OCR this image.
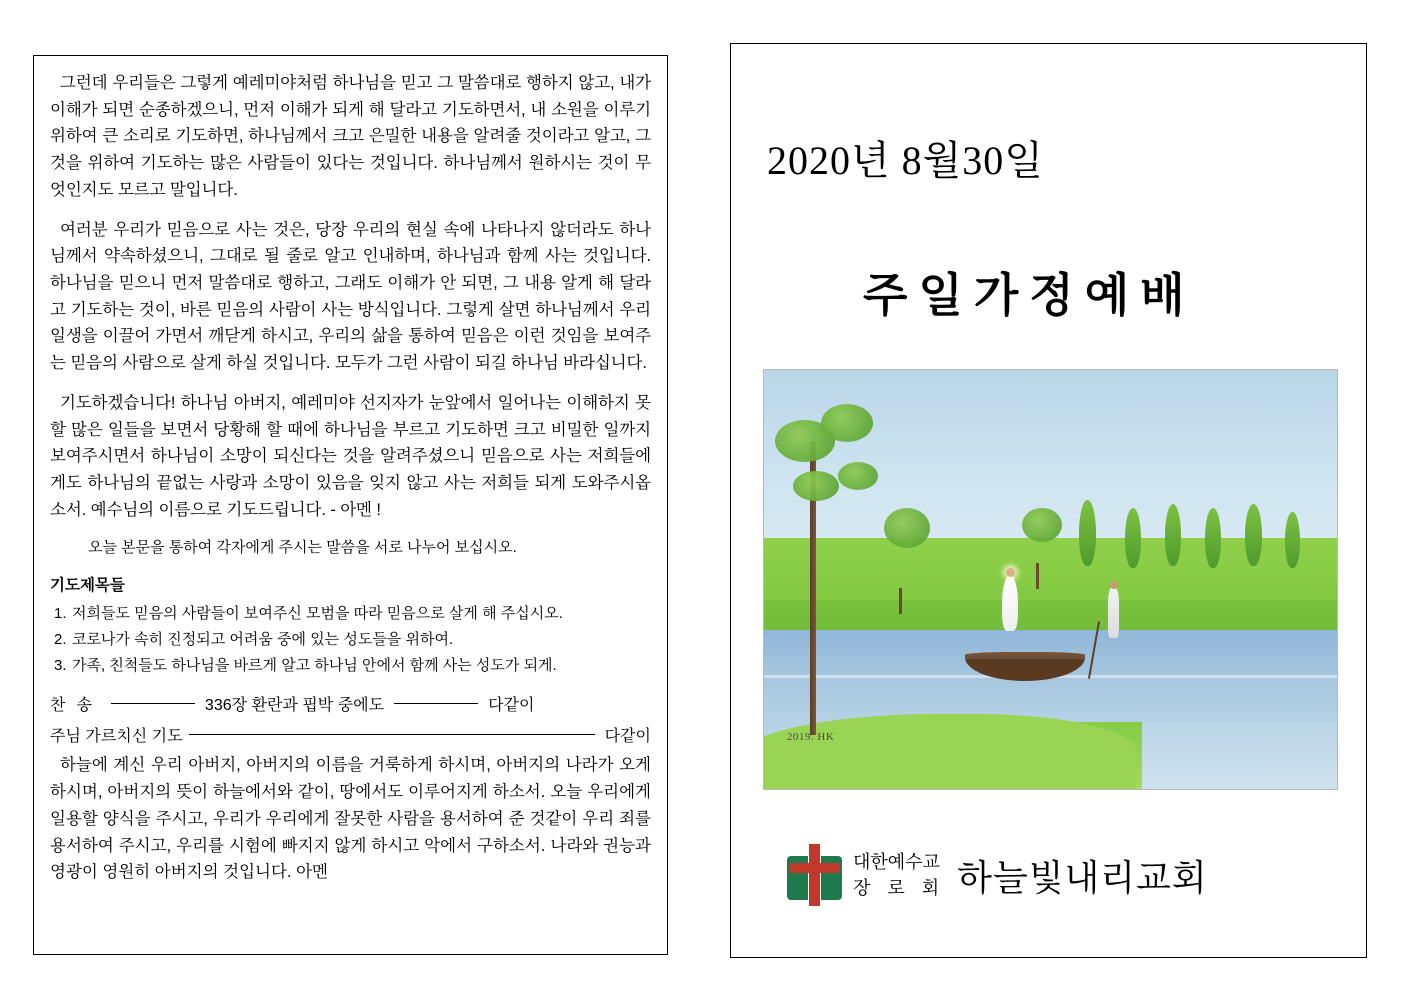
그런데 우리들은 그렇게 예레미야처럼 하나님을 믿고 그 말씀대로 행하지 않고, 내가 이해가 되면 순종하겠으니, 먼저 이해가 되게 해 달라고 기도하면서, 내 소원을 이루기 위하여 큰 소리로 기도하면, 하나님께서 크고 은밀한 내용을 알려줄 것이라고 알고, 그것을 위하여 기도하는 많은 사람들이 있다는 것입니다. 하나님께서 원하시는 것이 무엇인지도 모르고 말입니다.

여러분 우리가 믿음으로 사는 것은, 당장 우리의 현실 속에 나타나지 않더라도 하나님께서 약속하셨으니, 그대로 될 줄로 알고 인내하며, 하나님과 함께 사는 것입니다. 하나님을 믿으니 먼저 말씀대로 행하고, 그래도 이해가 안 되면, 그 내용 알게 해 달라고 기도하는 것이, 바른 믿음의 사람이 사는 방식입니다. 그렇게 살면 하나님께서 우리 일생을 이끌어 가면서 깨닫게 하시고, 우리의 삶을 통하여 믿음은 이런 것임을 보여주는 믿음의 사람으로 살게 하실 것입니다. 모두가 그런 사람이 되길 하나님 바라십니다.

기도하겠습니다! 하나님 아버지, 예레미야 선지자가 눈앞에서 일어나는 이해하지 못할 많은 일들을 보면서 당황해 할 때에 하나님을 부르고 기도하면 크고 비밀한 일까지 보여주시면서 하나님이 소망이 되신다는 것을 알려주셨으니 믿음으로 사는 저희들에게도 하나님의 끝없는 사랑과 소망이 있음을 잊지 않고 사는 저희들 되게 도와주시옵소서. 예수님의 이름으로 기도드립니다. - 아멘 !

오늘 본문을 통하여 각자에게 주시는 말씀을 서로 나누어 보십시오.

기도제목들
1. 저희들도 믿음의 사람들이 보여주신 모범을 따라 믿음으로 살게 해 주십시오.
2. 코로나가 속히 진정되고 어려움 중에 있는 성도들을 위하여.
3. 가족, 친척들도 하나님을 바르게 알고 하나님 안에서 함께 사는 성도가 되게.
찬송	336장 환란과 핍박 중에도	다같이
주님 가르치신 기도	다같이

하늘에 계신 우리 아버지, 아버지의 이름을 거룩하게 하시며, 아버지의 나라가 오게 하시며, 아버지의 뜻이 하늘에서와 같이, 땅에서도 이루어지게 하소서. 오늘 우리에게 일용할 양식을 주시고, 우리가 우리에게 잘못한 사람을 용서하여 준 것같이 우리 죄를 용서하여 주시고, 우리를 시험에 빠지지 않게 하시고 악에서 구하소서. 나라와 권능과 영광이 영원히 아버지의 것입니다. 아멘

2020년 8월30일
주일가정예배
2019. HK
대한예수교
장 로 회 하늘빛내리교회
